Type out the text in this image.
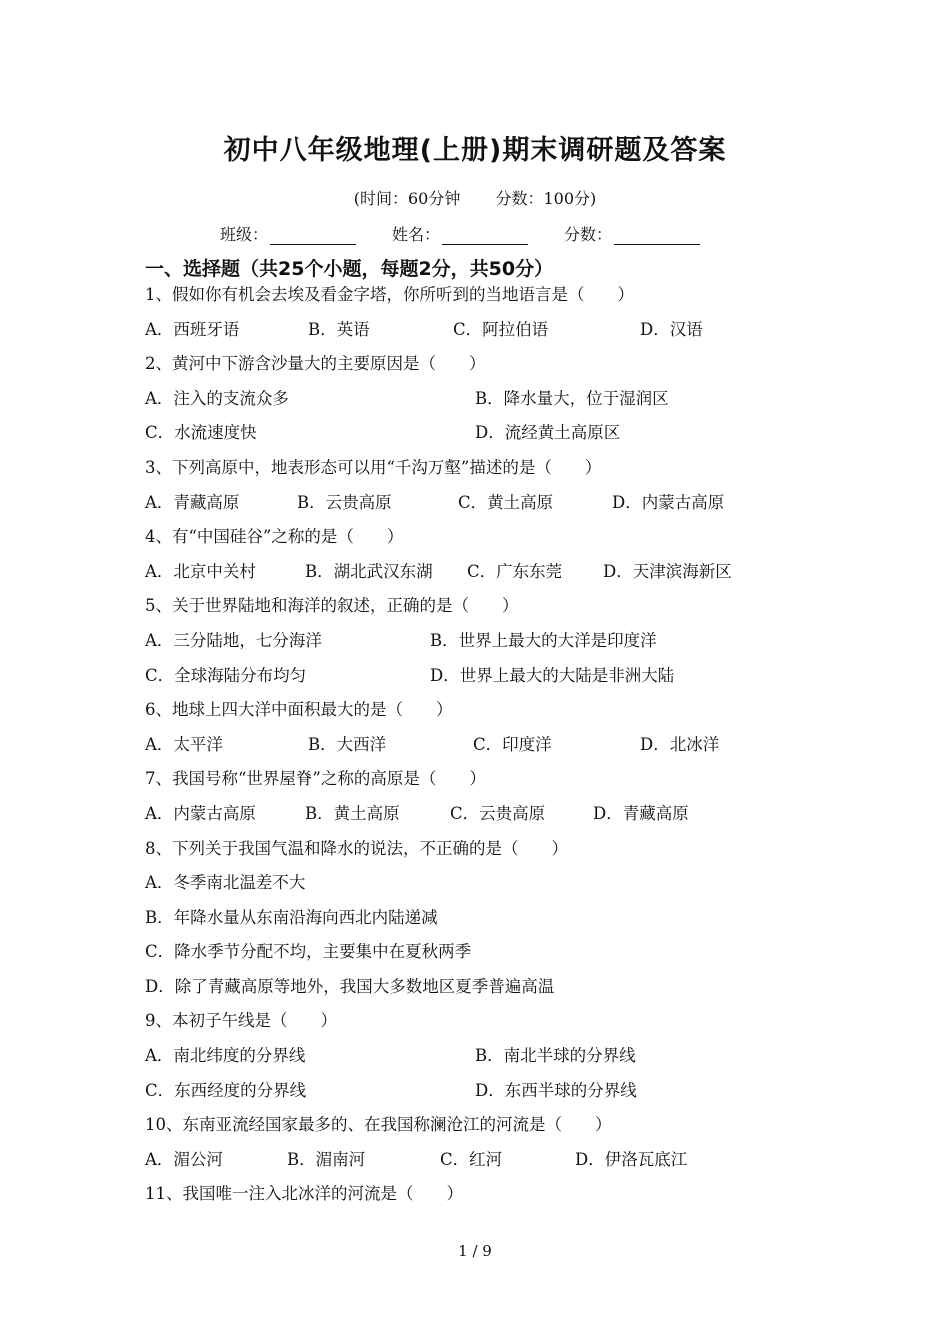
初中八年级地理(上册)期末调研题及答案
(时间：60分钟 分数：100分)
班级：	姓名：	分数：
一、选择题（共25个小题，每题2分，共50分）
1、假如你有机会去埃及看金字塔，你所听到的当地语言是（　　）
A．西班牙语	B．英语	C．阿拉伯语	D．汉语
2、黄河中下游含沙量大的主要原因是（　　）
A．注入的支流众多	B．降水量大，位于湿润区
C．水流速度快	D．流经黄土高原区
3、下列高原中，地表形态可以用“千沟万壑”描述的是（　　）
A．青藏高原	B．云贵高原	C．黄土高原	D．内蒙古高原
4、有“中国硅谷”之称的是（　　）
A．北京中关村	B．湖北武汉东湖 C．广东东莞 D．天津滨海新区
5、关于世界陆地和海洋的叙述，正确的是（　　）
A．三分陆地，七分海洋	B．世界上最大的大洋是印度洋
C．全球海陆分布均匀	D．世界上最大的大陆是非洲大陆
6、地球上四大洋中面积最大的是（　　）
A．太平洋	B．大西洋	C．印度洋	D．北冰洋
7、我国号称“世界屋脊”之称的高原是（　　）
A．内蒙古高原	B．黄土高原	C．云贵高原	D．青藏高原
8、下列关于我国气温和降水的说法，不正确的是（　　）
A．冬季南北温差不大
B．年降水量从东南沿海向西北内陆递减
C．降水季节分配不均，主要集中在夏秋两季
D．除了青藏高原等地外，我国大多数地区夏季普遍高温
9、本初子午线是（　　）
A．南北纬度的分界线	B．南北半球的分界线
C．东西经度的分界线	D．东西半球的分界线
10、东南亚流经国家最多的、在我国称澜沧江的河流是（　　）
A．湄公河	B．湄南河	C．红河	D．伊洛瓦底江
11、我国唯一注入北冰洋的河流是（　　）
1 / 9
